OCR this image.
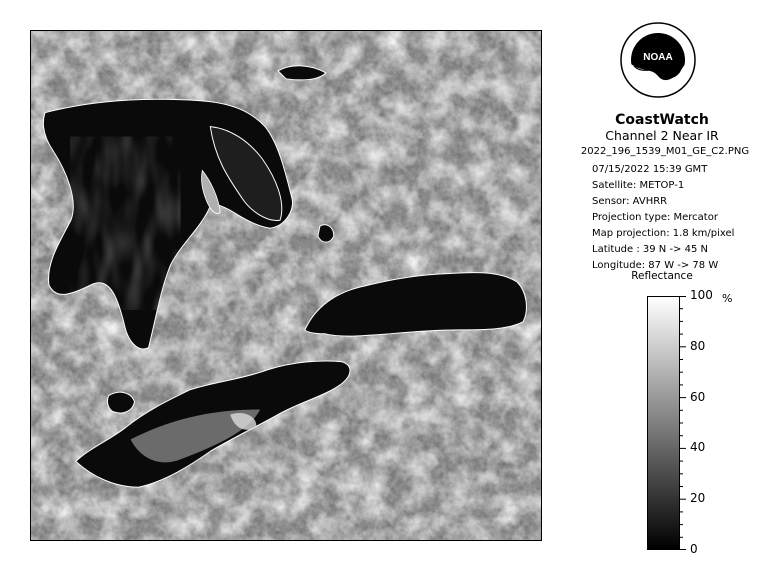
NOAA
CoastWatch
Channel 2 Near IR
2022_196_1539_M01_GE_C2.PNG
07/15/2022 15:39 GMT
Satellite: METOP-1
Sensor: AVHRR
Projection type: Mercator
Map projection: 1.8 km/pixel
Latitude : 39 N -> 45 N
Longitude: 87 W -> 78 W
Reflectance
%
100
80
60
40
20
0
